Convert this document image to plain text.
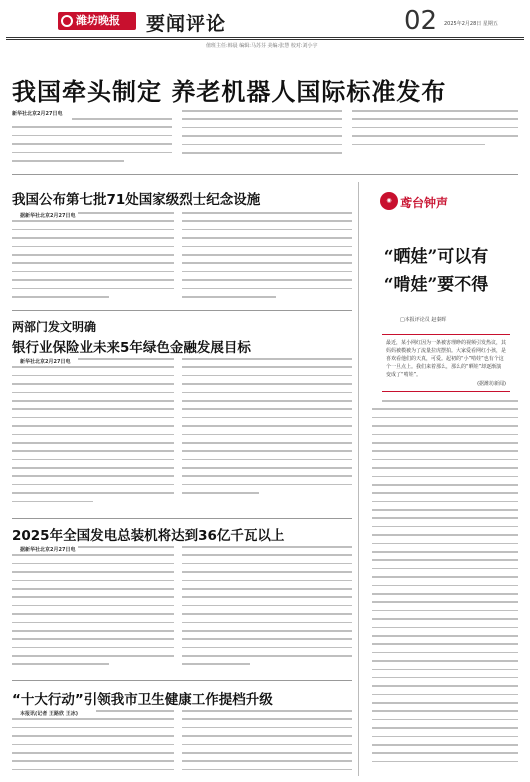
潍坊晚报	要闻评论	02 2025年2月28日 星期五
值班主任:韩晨 编辑:马苏芬 美编:张慧 校对:刘小宇
我国牵头制定 养老机器人国际标准发布
新华社北京2月27日电
我国公布第七批71处国家级烈士纪念设施
据新华社北京2月27日电
两部门发文明确
银行业保险业未来5年绿色金融发展目标
新华社北京2月27日电
2025年全国发电总装机将达到36亿千瓦以上
据新华社北京2月27日电
“十大行动”引领我市卫生健康工作提档升级
本报讯(记者 王路欣 王冰)
◉ 鸢台钟声
“晒娃”可以有
“啃娃”要不得
□本报评论员 赵秦晖
最近，某小网红因为一条被害理睁的视频引发热议，其妈妈被模被为了流量拉虎摆拍。大家爱看网红小孩，是喜欢看他们的天真，可爱。起初的“小”啃娃”也有个这个一旦点上。我们来着那么，那么的“晒娃”却逐渐演变成了“啃娃”。
(据潍坊新闻)
